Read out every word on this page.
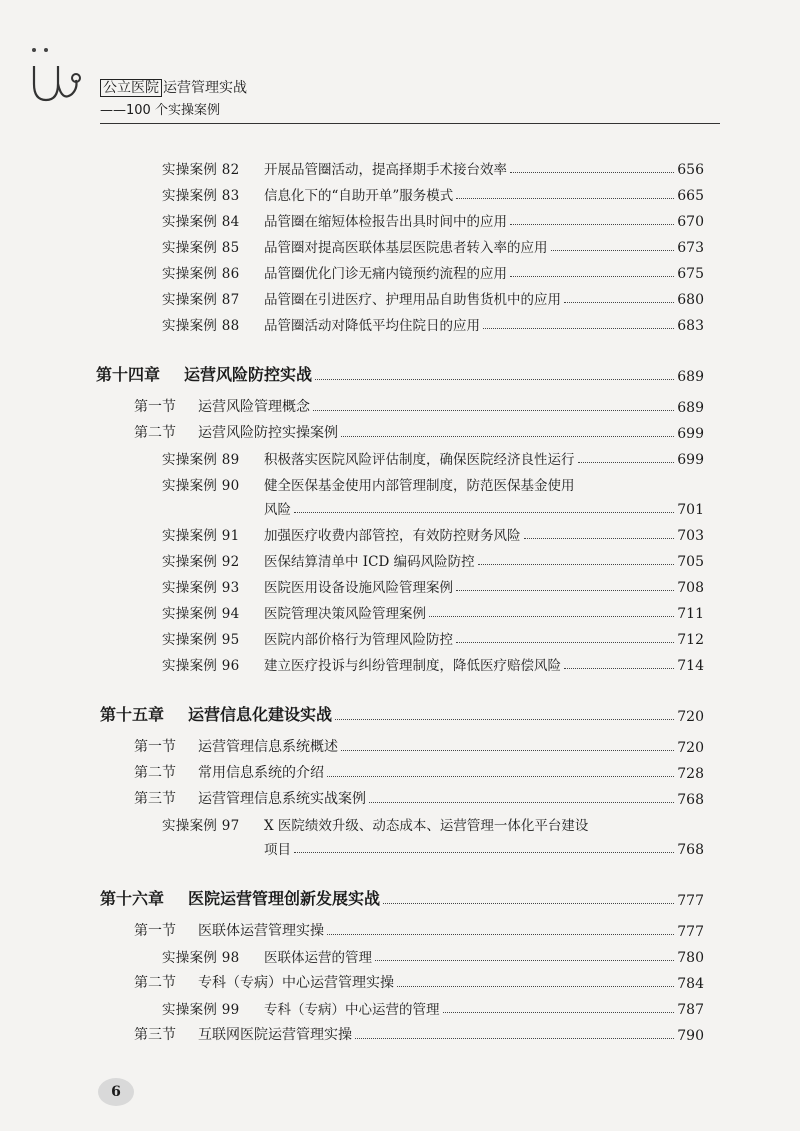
公立医院 运营管理实战
——100 个实操案例
实操案例 82	开展品管圈活动，提高择期手术接台效率	656
实操案例 83	信息化下的“自助开单”服务模式	665
实操案例 84	品管圈在缩短体检报告出具时间中的应用	670
实操案例 85	品管圈对提高医联体基层医院患者转入率的应用	673
实操案例 86	品管圈优化门诊无痛内镜预约流程的应用	675
实操案例 87	品管圈在引进医疗、护理用品自助售货机中的应用	680
实操案例 88	品管圈活动对降低平均住院日的应用	683
第十四章	运营风险防控实战	689
第一节	运营风险管理概念	689
第二节	运营风险防控实操案例	699
实操案例 89	积极落实医院风险评估制度，确保医院经济良性运行	699
实操案例 90	健全医保基金使用内部管理制度，防范医保基金使用
风险	701
实操案例 91	加强医疗收费内部管控，有效防控财务风险	703
实操案例 92	医保结算清单中 ICD 编码风险防控	705
实操案例 93	医院医用设备设施风险管理案例	708
实操案例 94	医院管理决策风险管理案例	711
实操案例 95	医院内部价格行为管理风险防控	712
实操案例 96	建立医疗投诉与纠纷管理制度，降低医疗赔偿风险	714
第十五章	运营信息化建设实战	720
第一节	运营管理信息系统概述	720
第二节	常用信息系统的介绍	728
第三节	运营管理信息系统实战案例	768
实操案例 97	X 医院绩效升级、动态成本、运营管理一体化平台建设
项目	768
第十六章	医院运营管理创新发展实战	777
第一节	医联体运营管理实操	777
实操案例 98	医联体运营的管理	780
第二节	专科（专病）中心运营管理实操	784
实操案例 99	专科（专病）中心运营的管理	787
第三节	互联网医院运营管理实操	790
6
